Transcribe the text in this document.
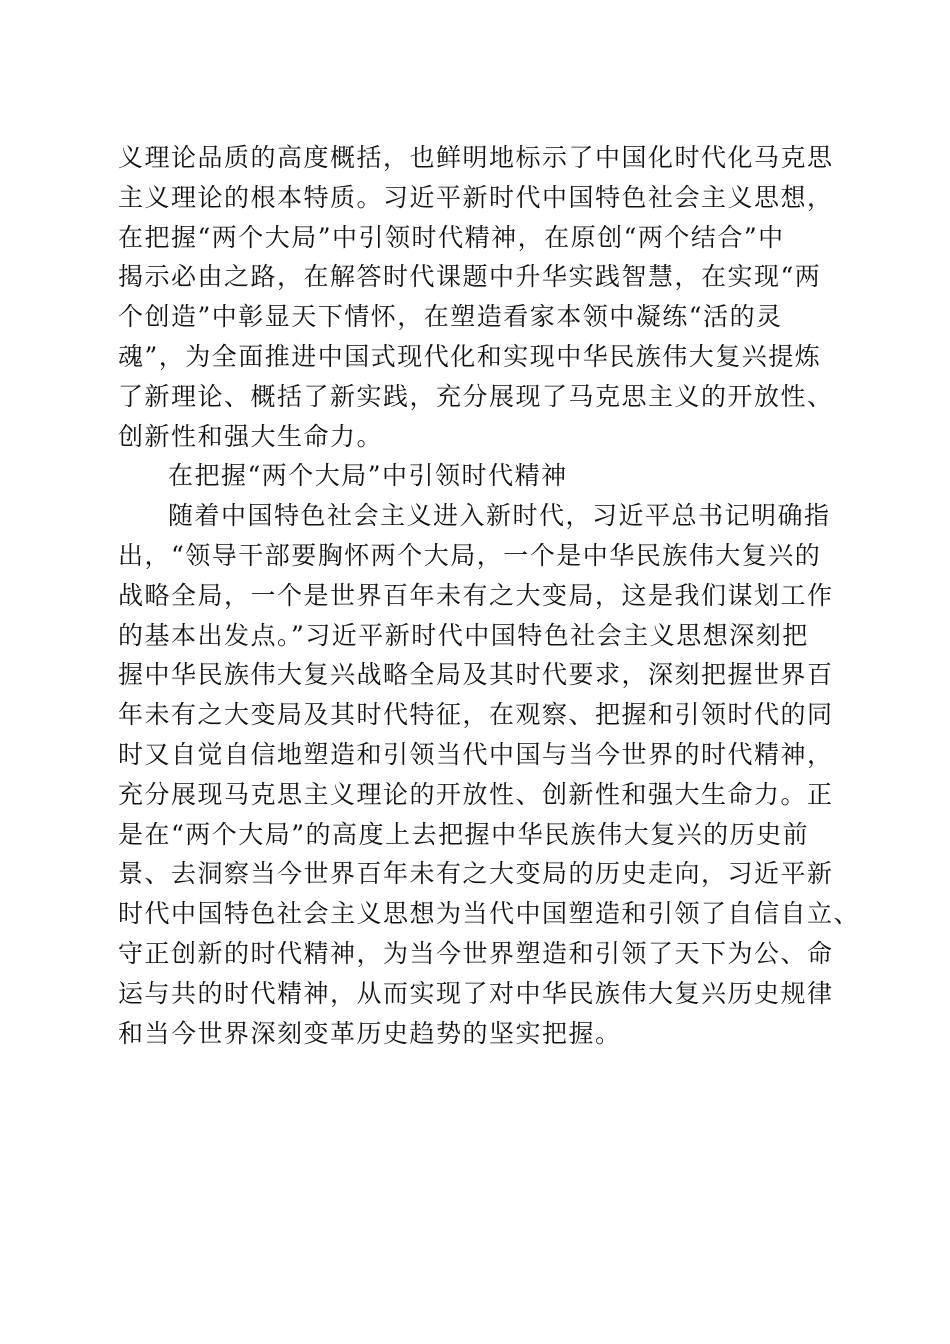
义理论品质的高度概括，也鲜明地标示了中国化时代化马克思
主义理论的根本特质。习近平新时代中国特色社会主义思想，
在把握“两个大局”中引领时代精神，在原创“两个结合”中
揭示必由之路，在解答时代课题中升华实践智慧，在实现“两
个创造”中彰显天下情怀，在塑造看家本领中凝练“活的灵
魂”，为全面推进中国式现代化和实现中华民族伟大复兴提炼
了新理论、概括了新实践，充分展现了马克思主义的开放性、
创新性和强大生命力。
在把握“两个大局”中引领时代精神
随着中国特色社会主义进入新时代，习近平总书记明确指
出，“领导干部要胸怀两个大局，一个是中华民族伟大复兴的
战略全局，一个是世界百年未有之大变局，这是我们谋划工作
的基本出发点。”习近平新时代中国特色社会主义思想深刻把
握中华民族伟大复兴战略全局及其时代要求，深刻把握世界百
年未有之大变局及其时代特征，在观察、把握和引领时代的同
时又自觉自信地塑造和引领当代中国与当今世界的时代精神，
充分展现马克思主义理论的开放性、创新性和强大生命力。正
是在“两个大局”的高度上去把握中华民族伟大复兴的历史前
景、去洞察当今世界百年未有之大变局的历史走向，习近平新
时代中国特色社会主义思想为当代中国塑造和引领了自信自立、
守正创新的时代精神，为当今世界塑造和引领了天下为公、命
运与共的时代精神，从而实现了对中华民族伟大复兴历史规律
和当今世界深刻变革历史趋势的坚实把握。
